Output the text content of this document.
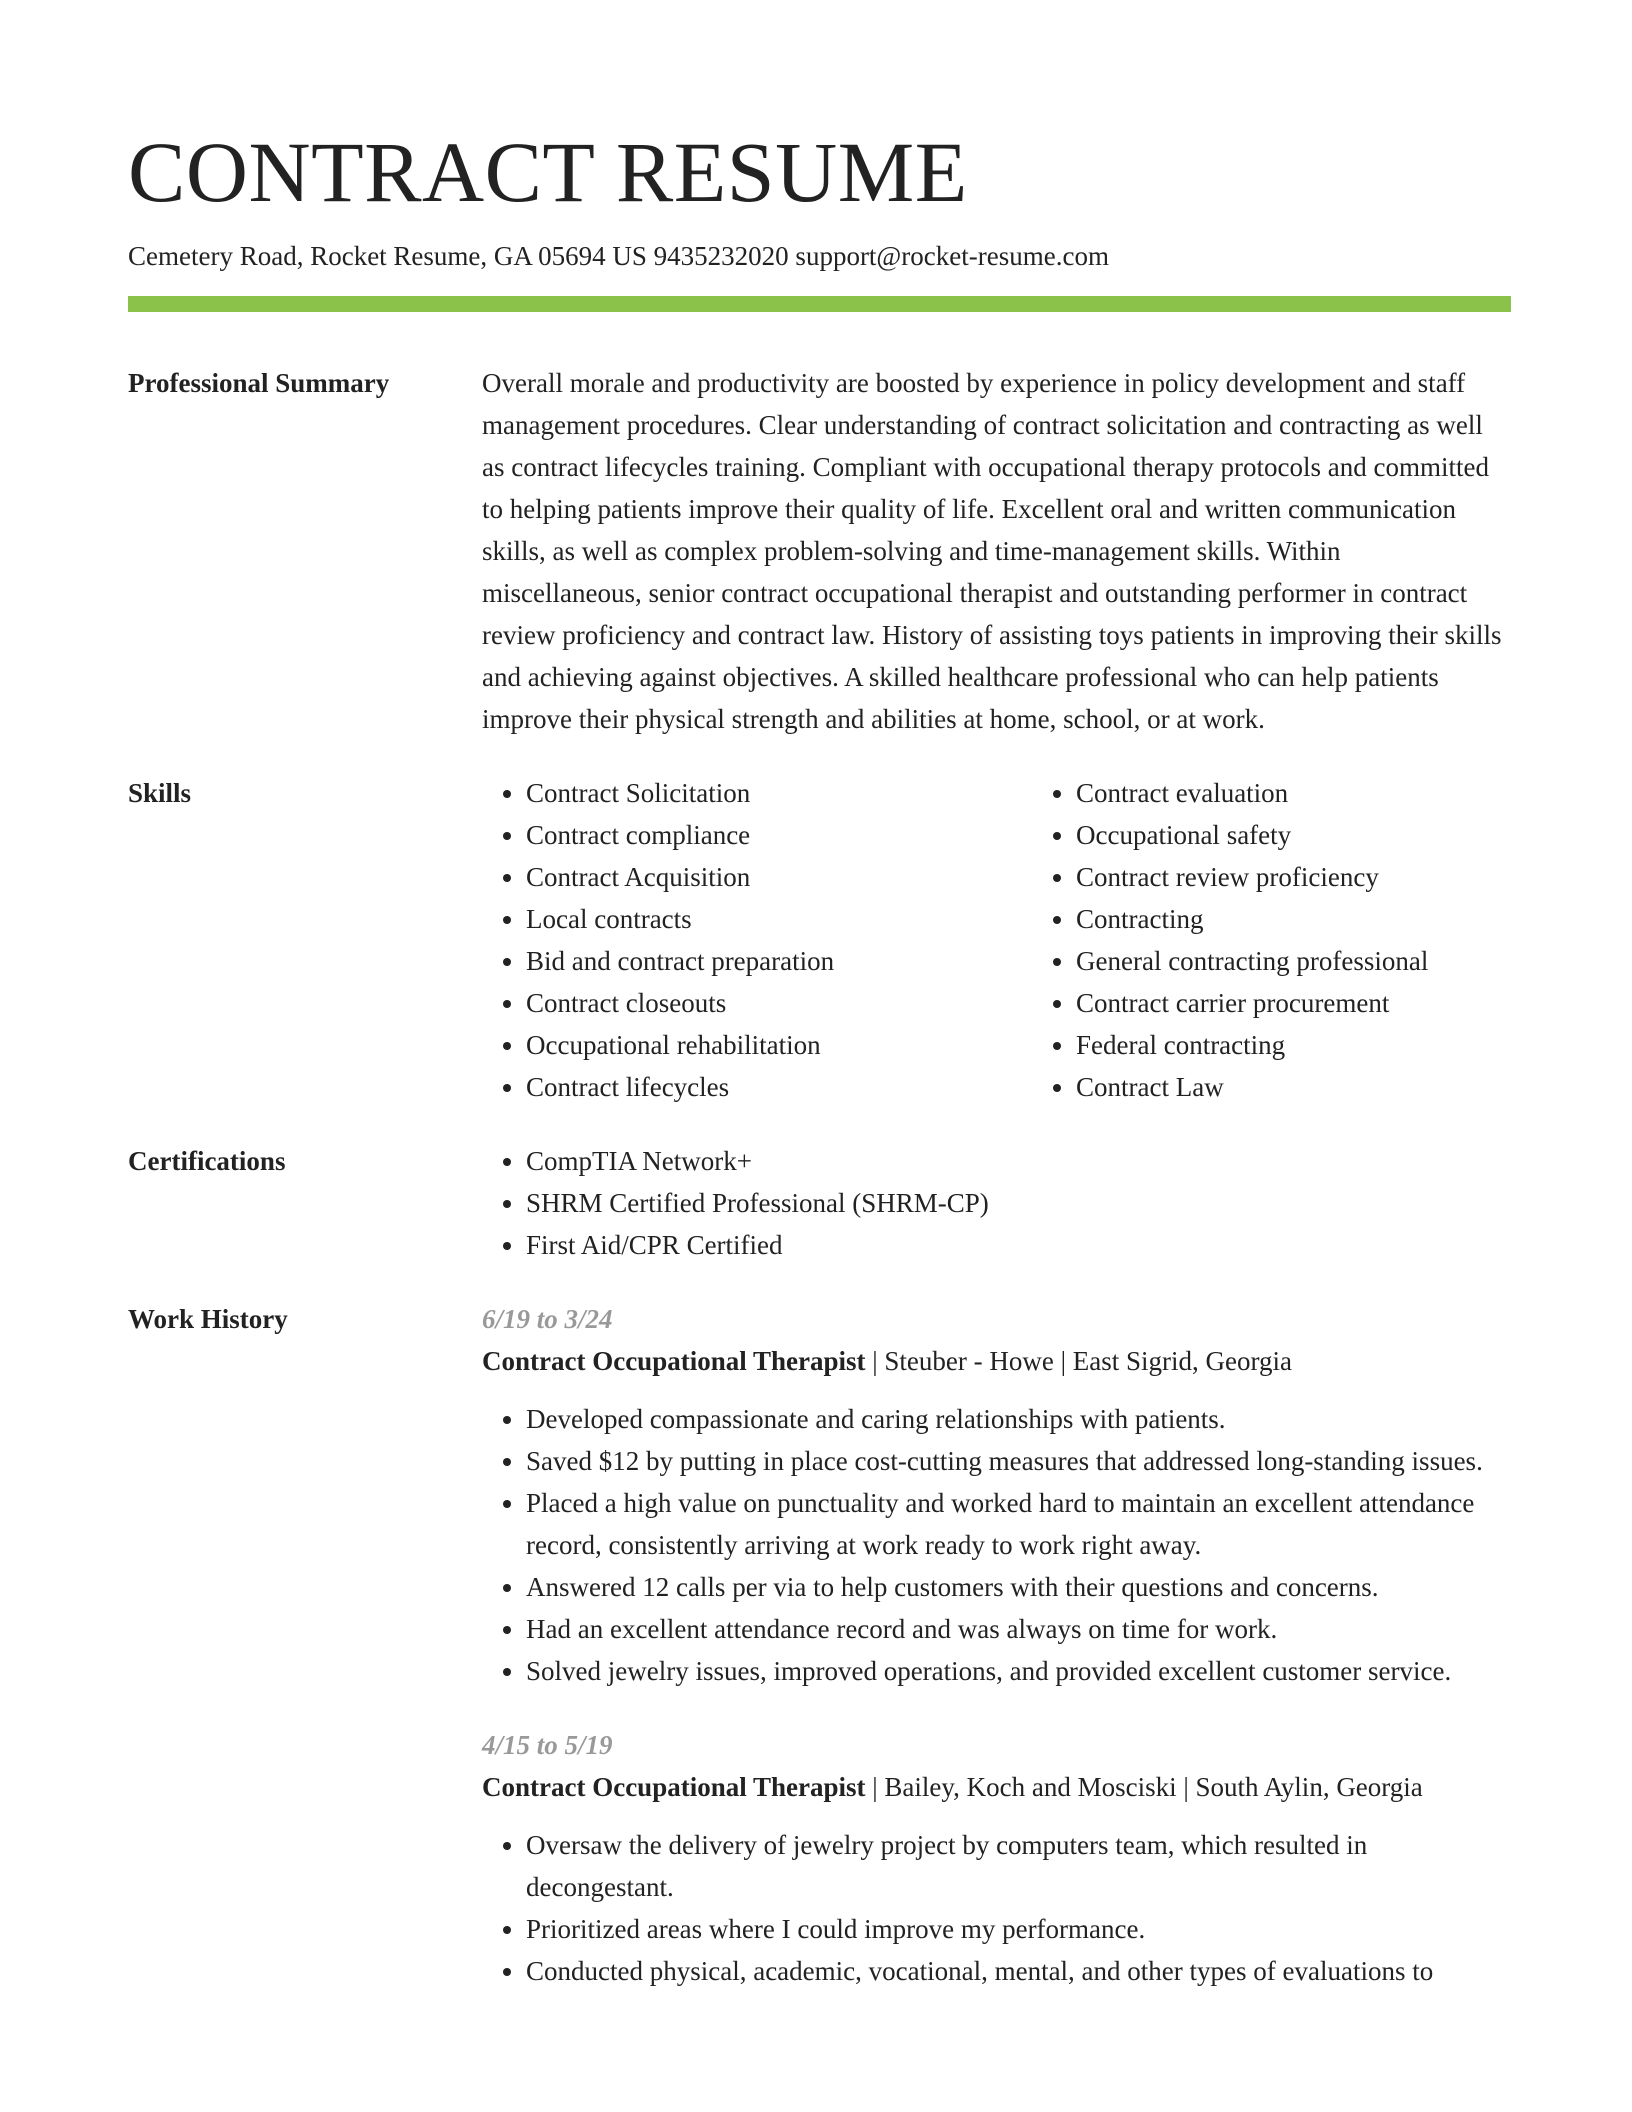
CONTRACT RESUME
Cemetery Road, Rocket Resume, GA 05694 US 9435232020 support@rocket-resume.com
Professional Summary	Overall morale and productivity are boosted by experience in policy development and staff management procedures. Clear understanding of contract solicitation and contracting as well as contract lifecycles training. Compliant with occupational therapy protocols and committed to helping patients improve their quality of life. Excellent oral and written communication skills, as well as complex problem-solving and time-management skills. Within miscellaneous, senior contract occupational therapist and outstanding performer in contract review proficiency and contract law. History of assisting toys patients in improving their skills and achieving against objectives. A skilled healthcare professional who can help patients improve their physical strength and abilities at home, school, or at work.
Skills	• Contract Solicitation
• Contract compliance
• Contract Acquisition
• Local contracts
• Bid and contract preparation
• Contract closeouts
• Occupational rehabilitation
• Contract lifecycles
• Contract evaluation
• Occupational safety
• Contract review proficiency
• Contracting
• General contracting professional
• Contract carrier procurement
• Federal contracting
• Contract Law
Certifications	• CompTIA Network+
• SHRM Certified Professional (SHRM-CP)
• First Aid/CPR Certified
Work History	6/19 to 3/24
Contract Occupational Therapist | Steuber - Howe | East Sigrid, Georgia
• Developed compassionate and caring relationships with patients.
• Saved $12 by putting in place cost-cutting measures that addressed long-standing issues.
• Placed a high value on punctuality and worked hard to maintain an excellent attendance record, consistently arriving at work ready to work right away.
• Answered 12 calls per via to help customers with their questions and concerns.
• Had an excellent attendance record and was always on time for work.
• Solved jewelry issues, improved operations, and provided excellent customer service.
4/15 to 5/19
Contract Occupational Therapist | Bailey, Koch and Mosciski | South Aylin, Georgia
• Oversaw the delivery of jewelry project by computers team, which resulted in decongestant.
• Prioritized areas where I could improve my performance.
• Conducted physical, academic, vocational, mental, and other types of evaluations to
